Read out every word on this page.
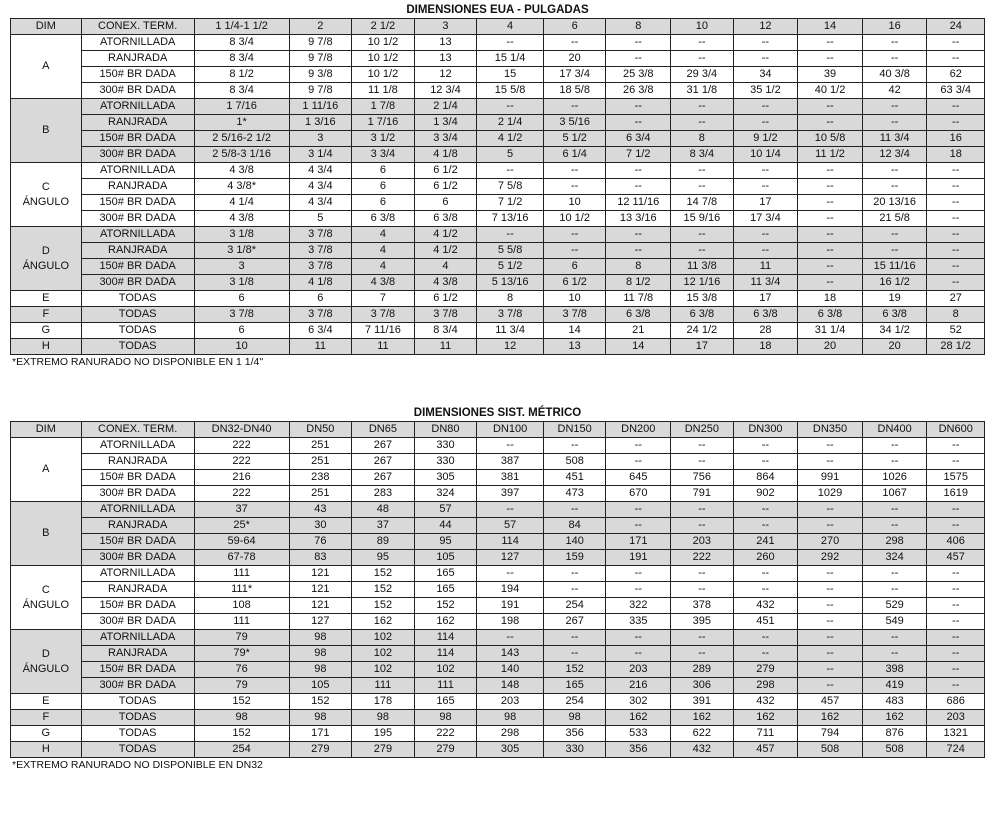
DIMENSIONES EUA - PULGADAS
DIM	CONEX. TERM.	1 1/4-1 1/2	2	2 1/2	3	4	6	8	10	12	14	16	24

A	ATORNILLADA	8 3/4	9 7/8	10 1/2	13	--	--	--	--	--	--	--	--
	RANJRADA	8 3/4	9 7/8	10 1/2	13	15 1/4	20	--	--	--	--	--	--
	150# BR DADA	8 1/2	9 3/8	10 1/2	12	15	17 3/4	25 3/8	29 3/4	34	39	40 3/8	62
	300# BR DADA	8 3/4	9 7/8	11 1/8	12 3/4	15 5/8	18 5/8	26 3/8	31 1/8	35 1/2	40 1/2	42	63 3/4

B	ATORNILLADA	1 7/16	1 11/16	1 7/8	2 1/4	--	--	--	--	--	--	--	--
	RANJRADA	1*	1 3/16	1 7/16	1 3/4	2 1/4	3 5/16	--	--	--	--	--	--
	150# BR DADA	2 5/16-2 1/2	3	3 1/2	3 3/4	4 1/2	5 1/2	6 3/4	8	9 1/2	10 5/8	11 3/4	16
	300# BR DADA	2 5/8-3 1/16	3 1/4	3 3/4	4 1/8	5	6 1/4	7 1/2	8 3/4	10 1/4	11 1/2	12 3/4	18

C
ÁNGULO	ATORNILLADA	4 3/8	4 3/4	6	6 1/2	--	--	--	--	--	--	--	--
	RANJRADA	4 3/8*	4 3/4	6	6 1/2	7 5/8	--	--	--	--	--	--	--
	150# BR DADA	4 1/4	4 3/4	6	6	7 1/2	10	12 11/16	14 7/8	17	--	20 13/16	--
	300# BR DADA	4 3/8	5	6 3/8	6 3/8	7 13/16	10 1/2	13 3/16	15 9/16	17 3/4	--	21 5/8	--

D
ÁNGULO	ATORNILLADA	3 1/8	3 7/8	4	4 1/2	--	--	--	--	--	--	--	--
	RANJRADA	3 1/8*	3 7/8	4	4 1/2	5 5/8	--	--	--	--	--	--	--
	150# BR DADA	3	3 7/8	4	4	5 1/2	6	8	11 3/8	11	--	15 11/16	--
	300# BR DADA	3 1/8	4 1/8	4 3/8	4 3/8	5 13/16	6 1/2	8 1/2	12 1/16	11 3/4	--	16 1/2	--

E	TODAS	6	6	7	6 1/2	8	10	11 7/8	15 3/8	17	18	19	27

F	TODAS	3 7/8	3 7/8	3 7/8	3 7/8	3 7/8	3 7/8	6 3/8	6 3/8	6 3/8	6 3/8	6 3/8	8

G	TODAS	6	6 3/4	7 11/16	8 3/4	11 3/4	14	21	24 1/2	28	31 1/4	34 1/2	52

H	TODAS	10	11	11	11	12	13	14	17	18	20	20	28 1/2
*EXTREMO RANURADO NO DISPONIBLE EN 1 1/4"
DIMENSIONES SIST. MÉTRICO
DIM	CONEX. TERM.	DN32-DN40	DN50	DN65	DN80	DN100	DN150	DN200	DN250	DN300	DN350	DN400	DN600

A	ATORNILLADA	222	251	267	330	--	--	--	--	--	--	--	--
	RANJRADA	222	251	267	330	387	508	--	--	--	--	--	--
	150# BR DADA	216	238	267	305	381	451	645	756	864	991	1026	1575
	300# BR DADA	222	251	283	324	397	473	670	791	902	1029	1067	1619

B	ATORNILLADA	37	43	48	57	--	--	--	--	--	--	--	--
	RANJRADA	25*	30	37	44	57	84	--	--	--	--	--	--
	150# BR DADA	59-64	76	89	95	114	140	171	203	241	270	298	406
	300# BR DADA	67-78	83	95	105	127	159	191	222	260	292	324	457

C
ÁNGULO	ATORNILLADA	111	121	152	165	--	--	--	--	--	--	--	--
	RANJRADA	111*	121	152	165	194	--	--	--	--	--	--	--
	150# BR DADA	108	121	152	152	191	254	322	378	432	--	529	--
	300# BR DADA	111	127	162	162	198	267	335	395	451	--	549	--

D
ÁNGULO	ATORNILLADA	79	98	102	114	--	--	--	--	--	--	--	--
	RANJRADA	79*	98	102	114	143	--	--	--	--	--	--	--
	150# BR DADA	76	98	102	102	140	152	203	289	279	--	398	--
	300# BR DADA	79	105	111	111	148	165	216	306	298	--	419	--

E	TODAS	152	152	178	165	203	254	302	391	432	457	483	686

F	TODAS	98	98	98	98	98	98	162	162	162	162	162	203

G	TODAS	152	171	195	222	298	356	533	622	711	794	876	1321

H	TODAS	254	279	279	279	305	330	356	432	457	508	508	724
*EXTREMO RANURADO NO DISPONIBLE EN DN32
